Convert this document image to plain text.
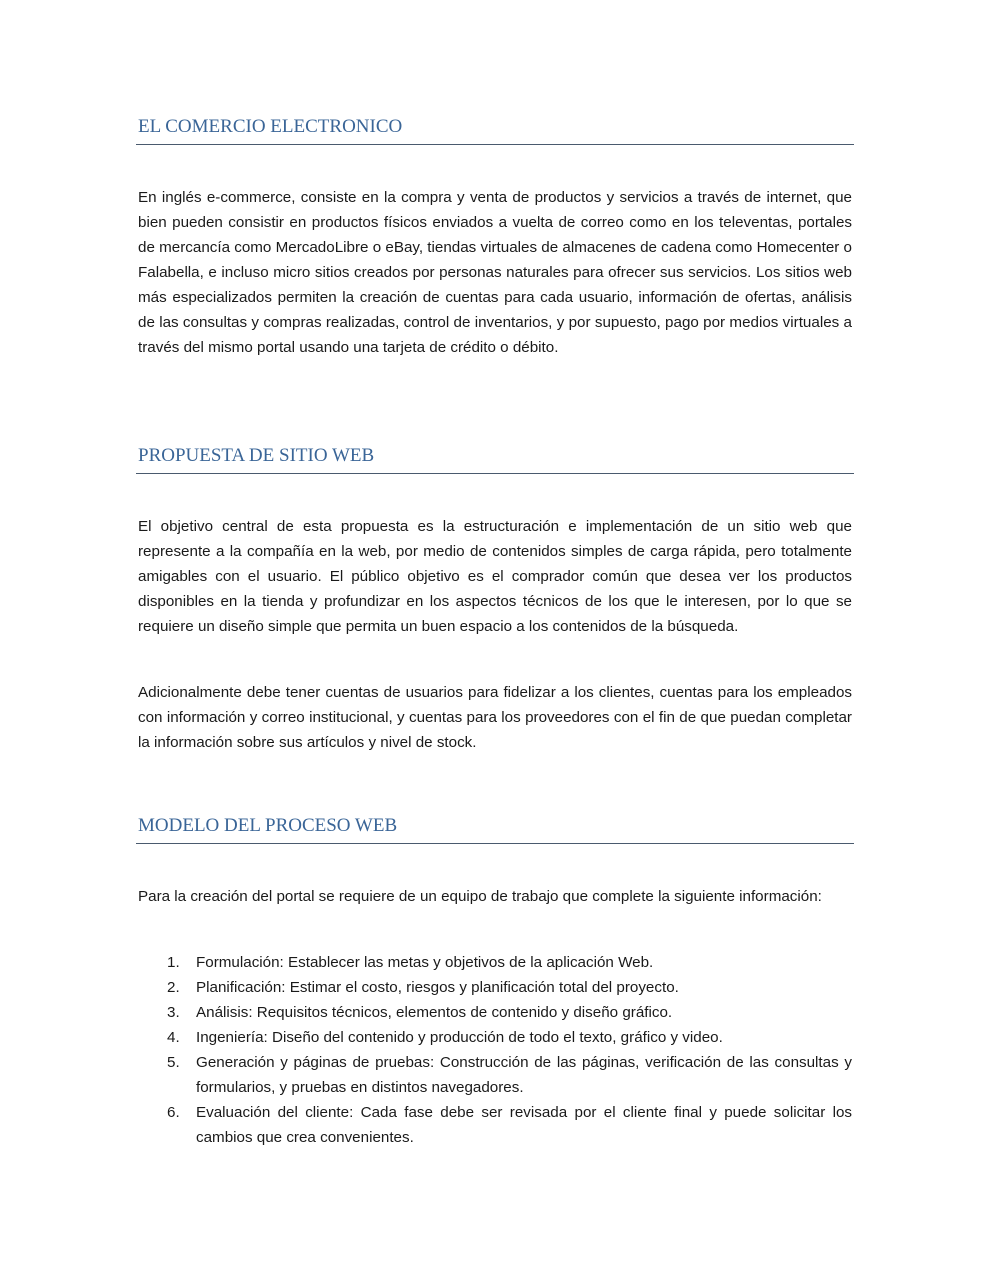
EL COMERCIO ELECTRONICO

En inglés e-commerce, consiste en la compra y venta de productos y servicios a través de internet, que bien pueden consistir en productos físicos enviados a vuelta de correo como en los televentas, portales de mercancía como MercadoLibre o eBay, tiendas virtuales de almacenes de cadena como Homecenter o Falabella, e incluso micro sitios creados por personas naturales para ofrecer sus servicios. Los sitios web más especializados permiten la creación de cuentas para cada usuario, información de ofertas, análisis de las consultas y compras realizadas, control de inventarios, y por supuesto, pago por medios virtuales a través del mismo portal usando una tarjeta de crédito o débito.

PROPUESTA DE SITIO WEB

El objetivo central de esta propuesta es la estructuración e implementación de un sitio web que represente a la compañía en la web, por medio de contenidos simples de carga rápida, pero totalmente amigables con el usuario. El público objetivo es el comprador común que desea ver los productos disponibles en la tienda y profundizar en los aspectos técnicos de los que le interesen, por lo que se requiere un diseño simple que permita un buen espacio a los contenidos de la búsqueda.

Adicionalmente debe tener cuentas de usuarios para fidelizar a los clientes, cuentas para los empleados con información y correo institucional, y cuentas para los proveedores con el fin de que puedan completar la información sobre sus artículos y nivel de stock.

MODELO DEL PROCESO WEB

Para la creación del portal se requiere de un equipo de trabajo que complete la siguiente información:

1. Formulación: Establecer las metas y objetivos de la aplicación Web.
2. Planificación: Estimar el costo, riesgos y planificación total del proyecto.
3. Análisis: Requisitos técnicos, elementos de contenido y diseño gráfico.
4. Ingeniería: Diseño del contenido y producción de todo el texto, gráfico y video.
5. Generación y páginas de pruebas: Construcción de las páginas, verificación de las consultas y formularios, y pruebas en distintos navegadores.
6. Evaluación del cliente: Cada fase debe ser revisada por el cliente final y puede solicitar los cambios que crea convenientes.
